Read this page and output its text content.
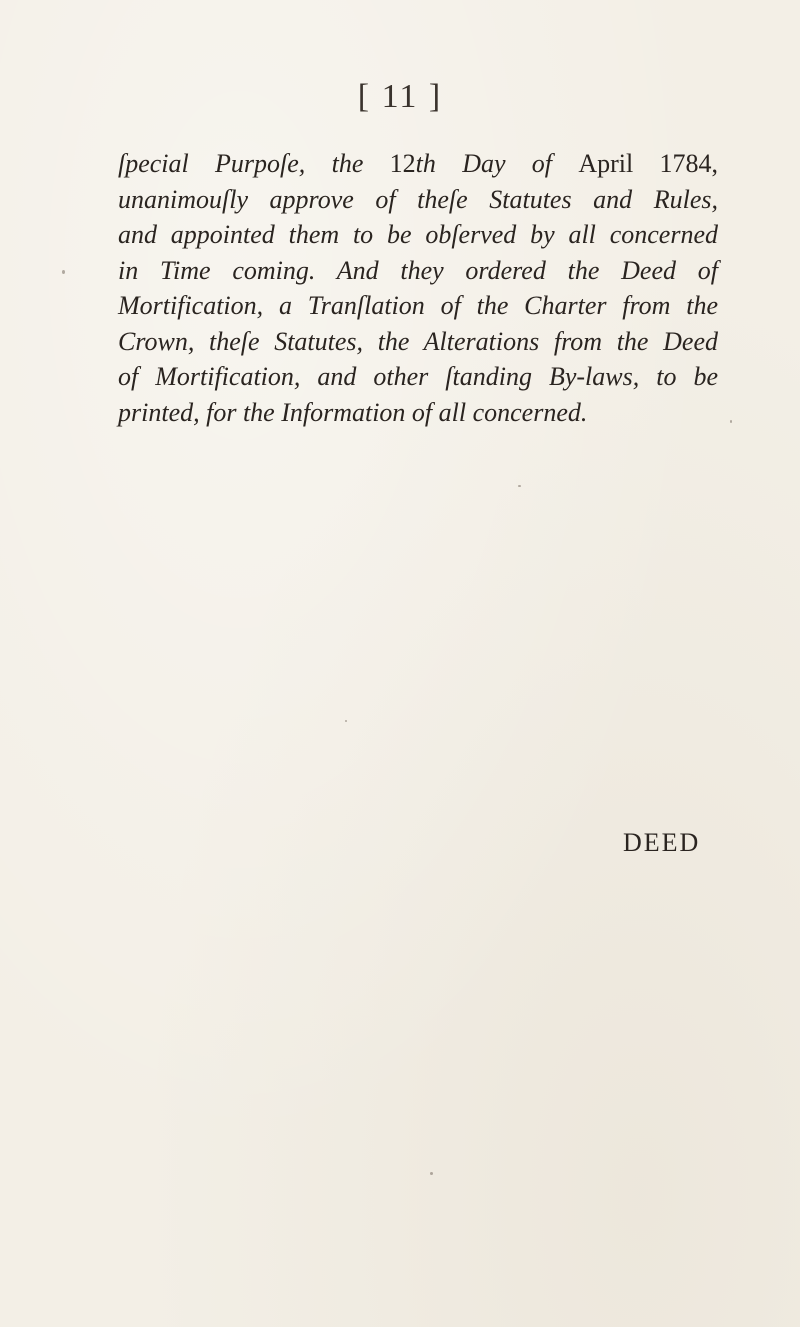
[ 11 ]

ſpecial Purpoſe, the 12th Day of April 1784,
unanimouſly approve of theſe Statutes and Rules,
and appointed them to be obſerved by all concerned
in Time coming. And they ordered the Deed of
Mortification, a Tranſlation of the Charter from the
Crown, theſe Statutes, the Alterations from the Deed
of Mortification, and other ſtanding By-laws, to be
printed, for the Information of all concerned.

DEED
